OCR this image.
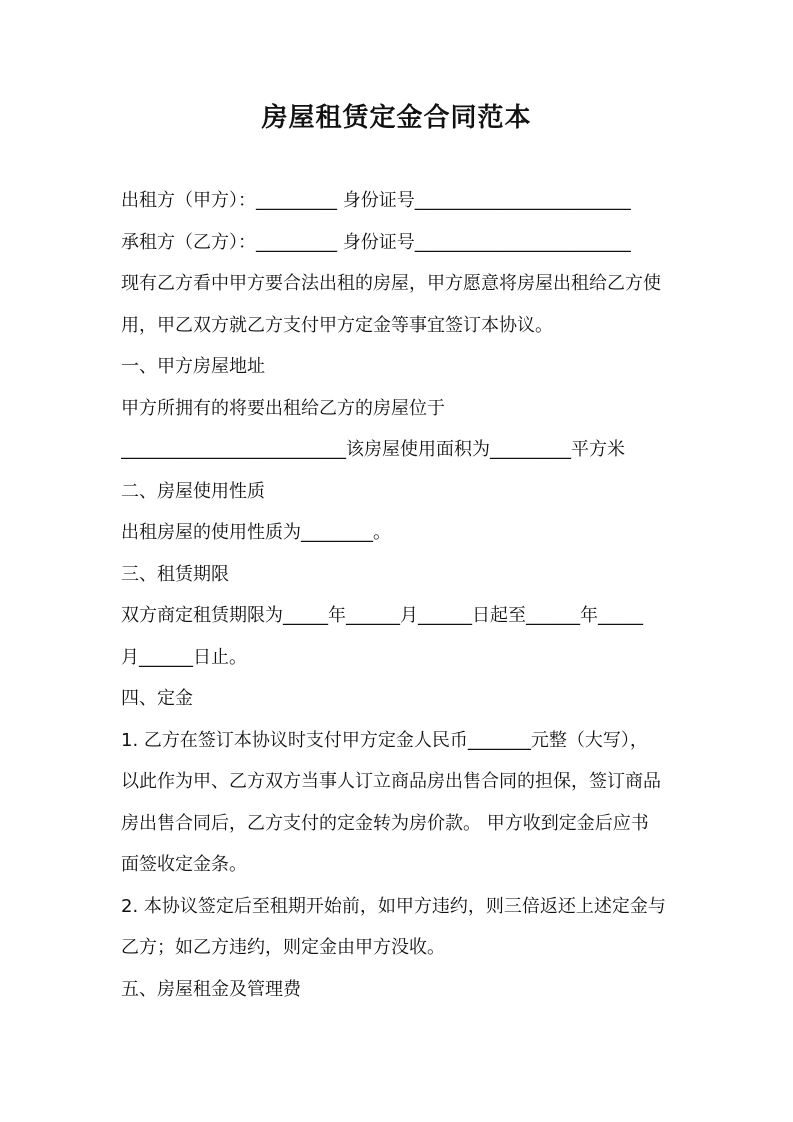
房屋租赁定金合同范本
出租方（甲方）：_________ 身份证号________________________
承租方（乙方）：_________ 身份证号________________________
现有乙方看中甲方要合法出租的房屋，甲方愿意将房屋出租给乙方使
用，甲乙双方就乙方支付甲方定金等事宜签订本协议。
一、甲方房屋地址
甲方所拥有的将要出租给乙方的房屋位于
_________________________该房屋使用面积为_________平方米
二、房屋使用性质
出租房屋的使用性质为________。
三、租赁期限
双方商定租赁期限为_____年______月______日起至______年_____
月______日止。
四、定金
1. 乙方在签订本协议时支付甲方定金人民币_______元整（大写），
以此作为甲、乙方双方当事人订立商品房出售合同的担保，签订商品
房出售合同后，乙方支付的定金转为房价款。 甲方收到定金后应书
面签收定金条。
2. 本协议签定后至租期开始前，如甲方违约，则三倍返还上述定金与
乙方；如乙方违约，则定金由甲方没收。
五、房屋租金及管理费
